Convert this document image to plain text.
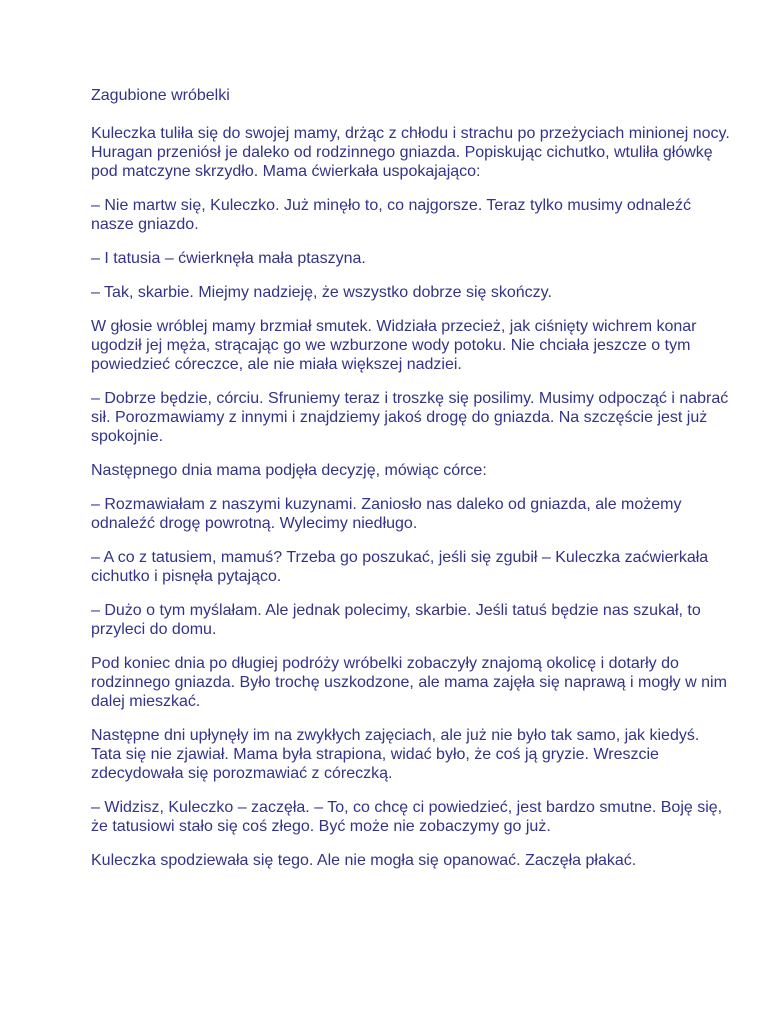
Zagubione wróbelki

Kuleczka tuliła się do swojej mamy, drżąc z chłodu i strachu po przeżyciach minionej nocy. Huragan przeniósł je daleko od rodzinnego gniazda. Popiskując cichutko, wtuliła główkę pod matczyne skrzydło. Mama ćwierkała uspokajająco:

– Nie martw się, Kuleczko. Już minęło to, co najgorsze. Teraz tylko musimy odnaleźć nasze gniazdo.

– I tatusia – ćwierknęła mała ptaszyna.

– Tak, skarbie. Miejmy nadzieję, że wszystko dobrze się skończy.

W głosie wróblej mamy brzmiał smutek. Widziała przecież, jak ciśnięty wichrem konar ugodził jej męża, strącając go we wzburzone wody potoku. Nie chciała jeszcze o tym powiedzieć córeczce, ale nie miała większej nadziei.

– Dobrze będzie, córciu. Sfruniemy teraz i troszkę się posilimy. Musimy odpocząć i nabrać sił. Porozmawiamy z innymi i znajdziemy jakoś drogę do gniazda. Na szczęście jest już spokojnie.

Następnego dnia mama podjęła decyzję, mówiąc córce:

– Rozmawiałam z naszymi kuzynami. Zaniosło nas daleko od gniazda, ale możemy odnaleźć drogę powrotną. Wylecimy niedługo.

– A co z tatusiem, mamuś? Trzeba go poszukać, jeśli się zgubił – Kuleczka zaćwierkała cichutko i pisnęła pytająco.

– Dużo o tym myślałam. Ale jednak polecimy, skarbie. Jeśli tatuś będzie nas szukał, to przyleci do domu.

Pod koniec dnia po długiej podróży wróbelki zobaczyły znajomą okolicę i dotarły do rodzinnego gniazda. Było trochę uszkodzone, ale mama zajęła się naprawą i mogły w nim dalej mieszkać.

Następne dni upłynęły im na zwykłych zajęciach, ale już nie było tak samo, jak kiedyś. Tata się nie zjawiał. Mama była strapiona, widać było, że coś ją gryzie. Wreszcie zdecydowała się porozmawiać z córeczką.

– Widzisz, Kuleczko – zaczęła. – To, co chcę ci powiedzieć, jest bardzo smutne. Boję się, że tatusiowi stało się coś złego. Być może nie zobaczymy go już.

Kuleczka spodziewała się tego. Ale nie mogła się opanować. Zaczęła płakać.
